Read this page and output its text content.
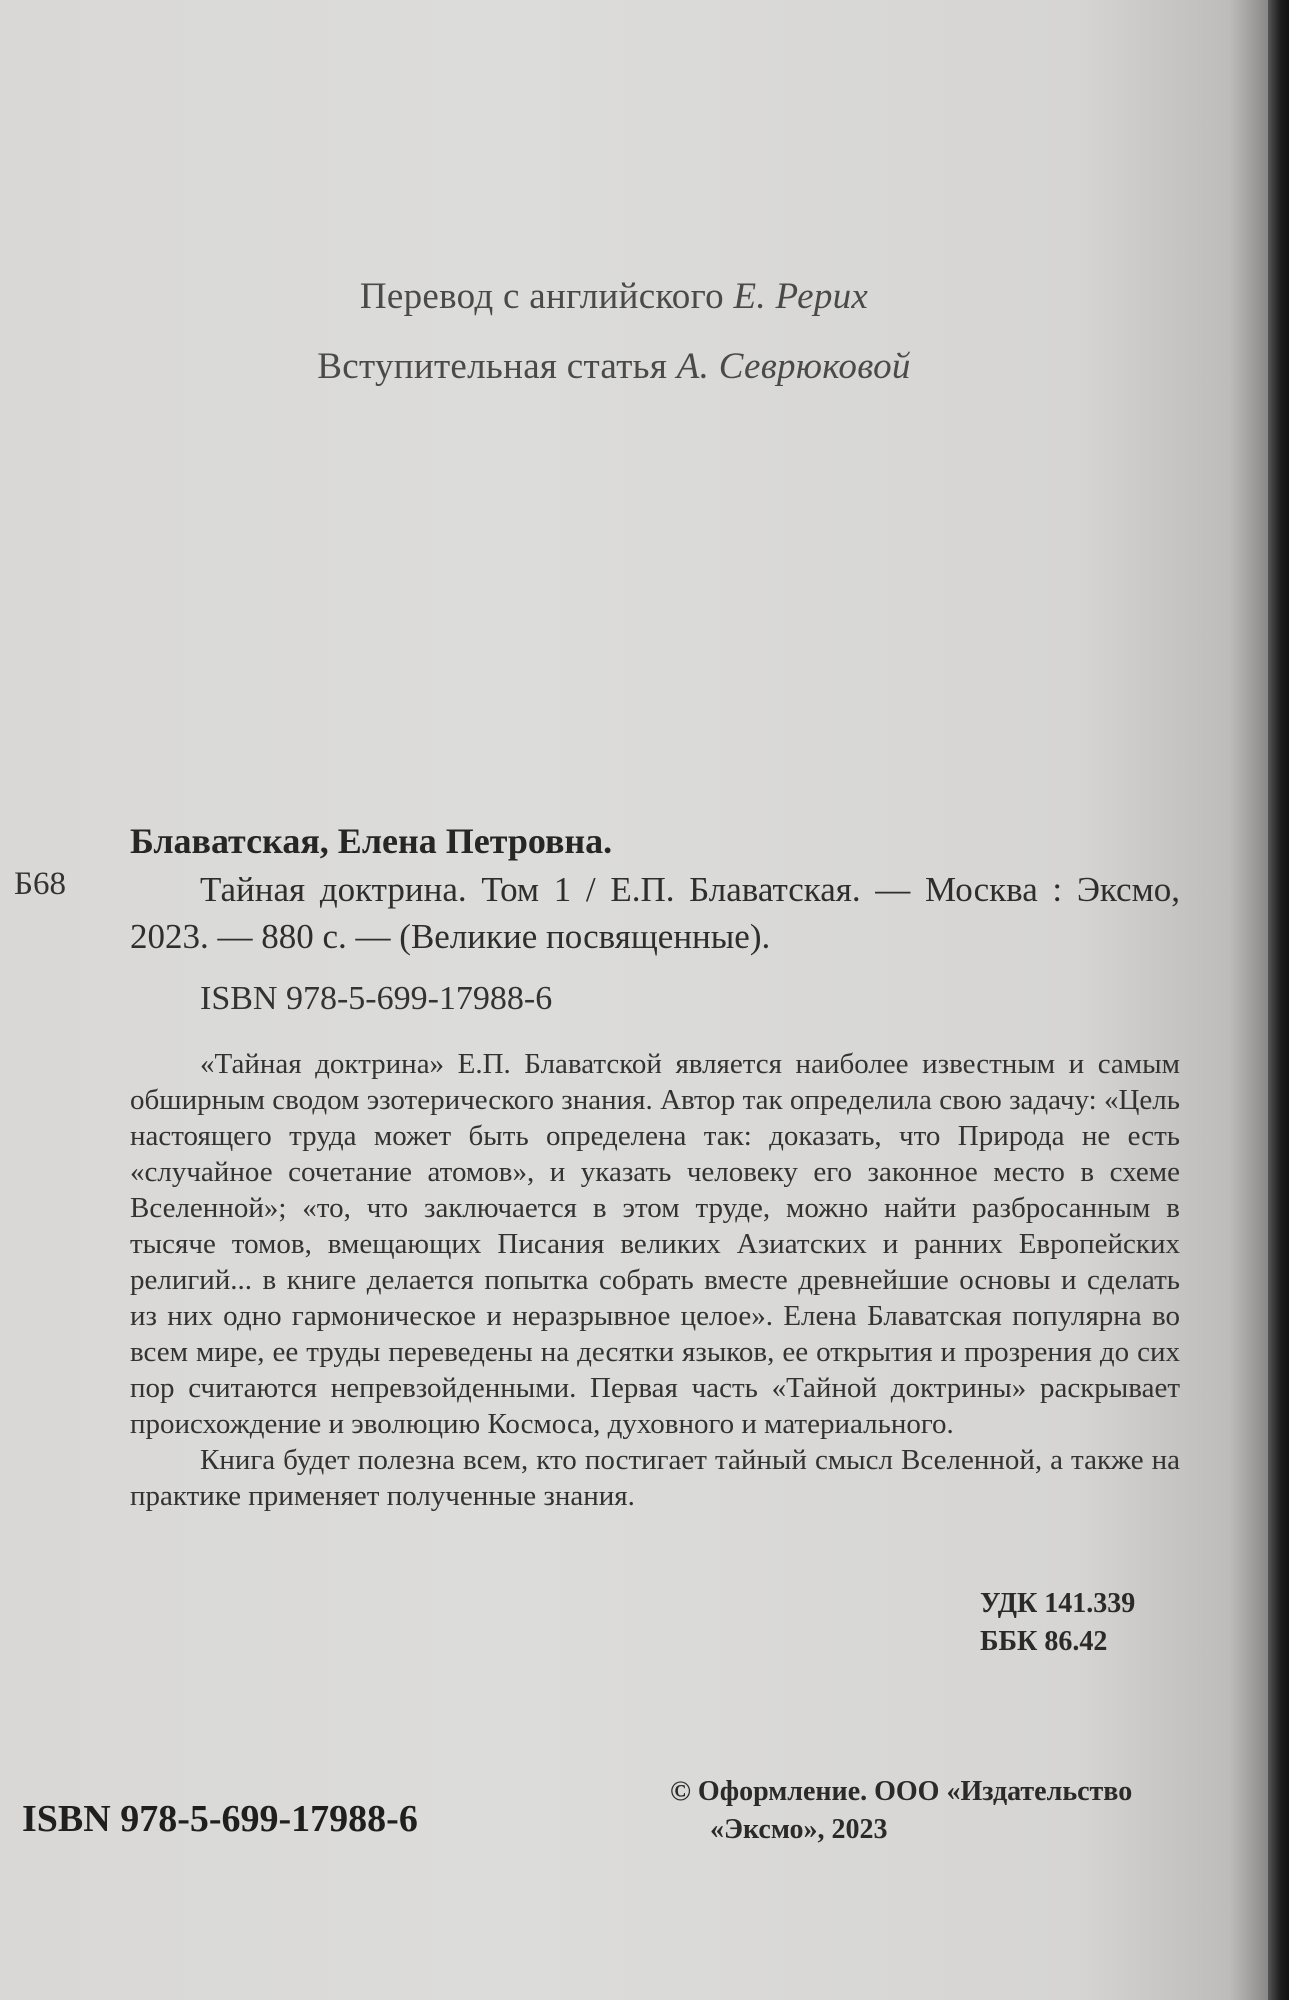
Перевод с английского Е. Рерих
Вступительная статья А. Севрюковой
Блаватская, Елена Петровна.
Б68	Тайная доктрина. Том 1 / Е.П. Блаватская. — Москва : Эксмо, 2023. — 880 с. — (Великие посвященные).
ISBN 978-5-699-17988-6

«Тайная доктрина» Е.П. Блаватской является наиболее известным и самым обширным сводом эзотерического знания. Автор так определила свою задачу: «Цель настоящего труда может быть определена так: доказать, что Природа не есть «случайное сочетание атомов», и указать человеку его законное место в схеме Вселенной»; «то, что заключается в этом труде, можно найти разбросанным в тысяче томов, вмещающих Писания великих Азиатских и ранних Европейских религий... в книге делается попытка собрать вместе древнейшие основы и сделать из них одно гармоническое и неразрывное целое». Елена Блаватская популярна во всем мире, ее труды переведены на десятки языков, ее открытия и прозрения до сих пор считаются непревзойденными. Первая часть «Тайной доктрины» раскрывает происхождение и эволюцию Космоса, духовного и материального.

Книга будет полезна всем, кто постигает тайный смысл Вселенной, а также на практике применяет полученные знания.

УДК 141.339
ББК 86.42
ISBN 978-5-699-17988-6
© Оформление. ООО «Издательство
«Эксмо», 2023
